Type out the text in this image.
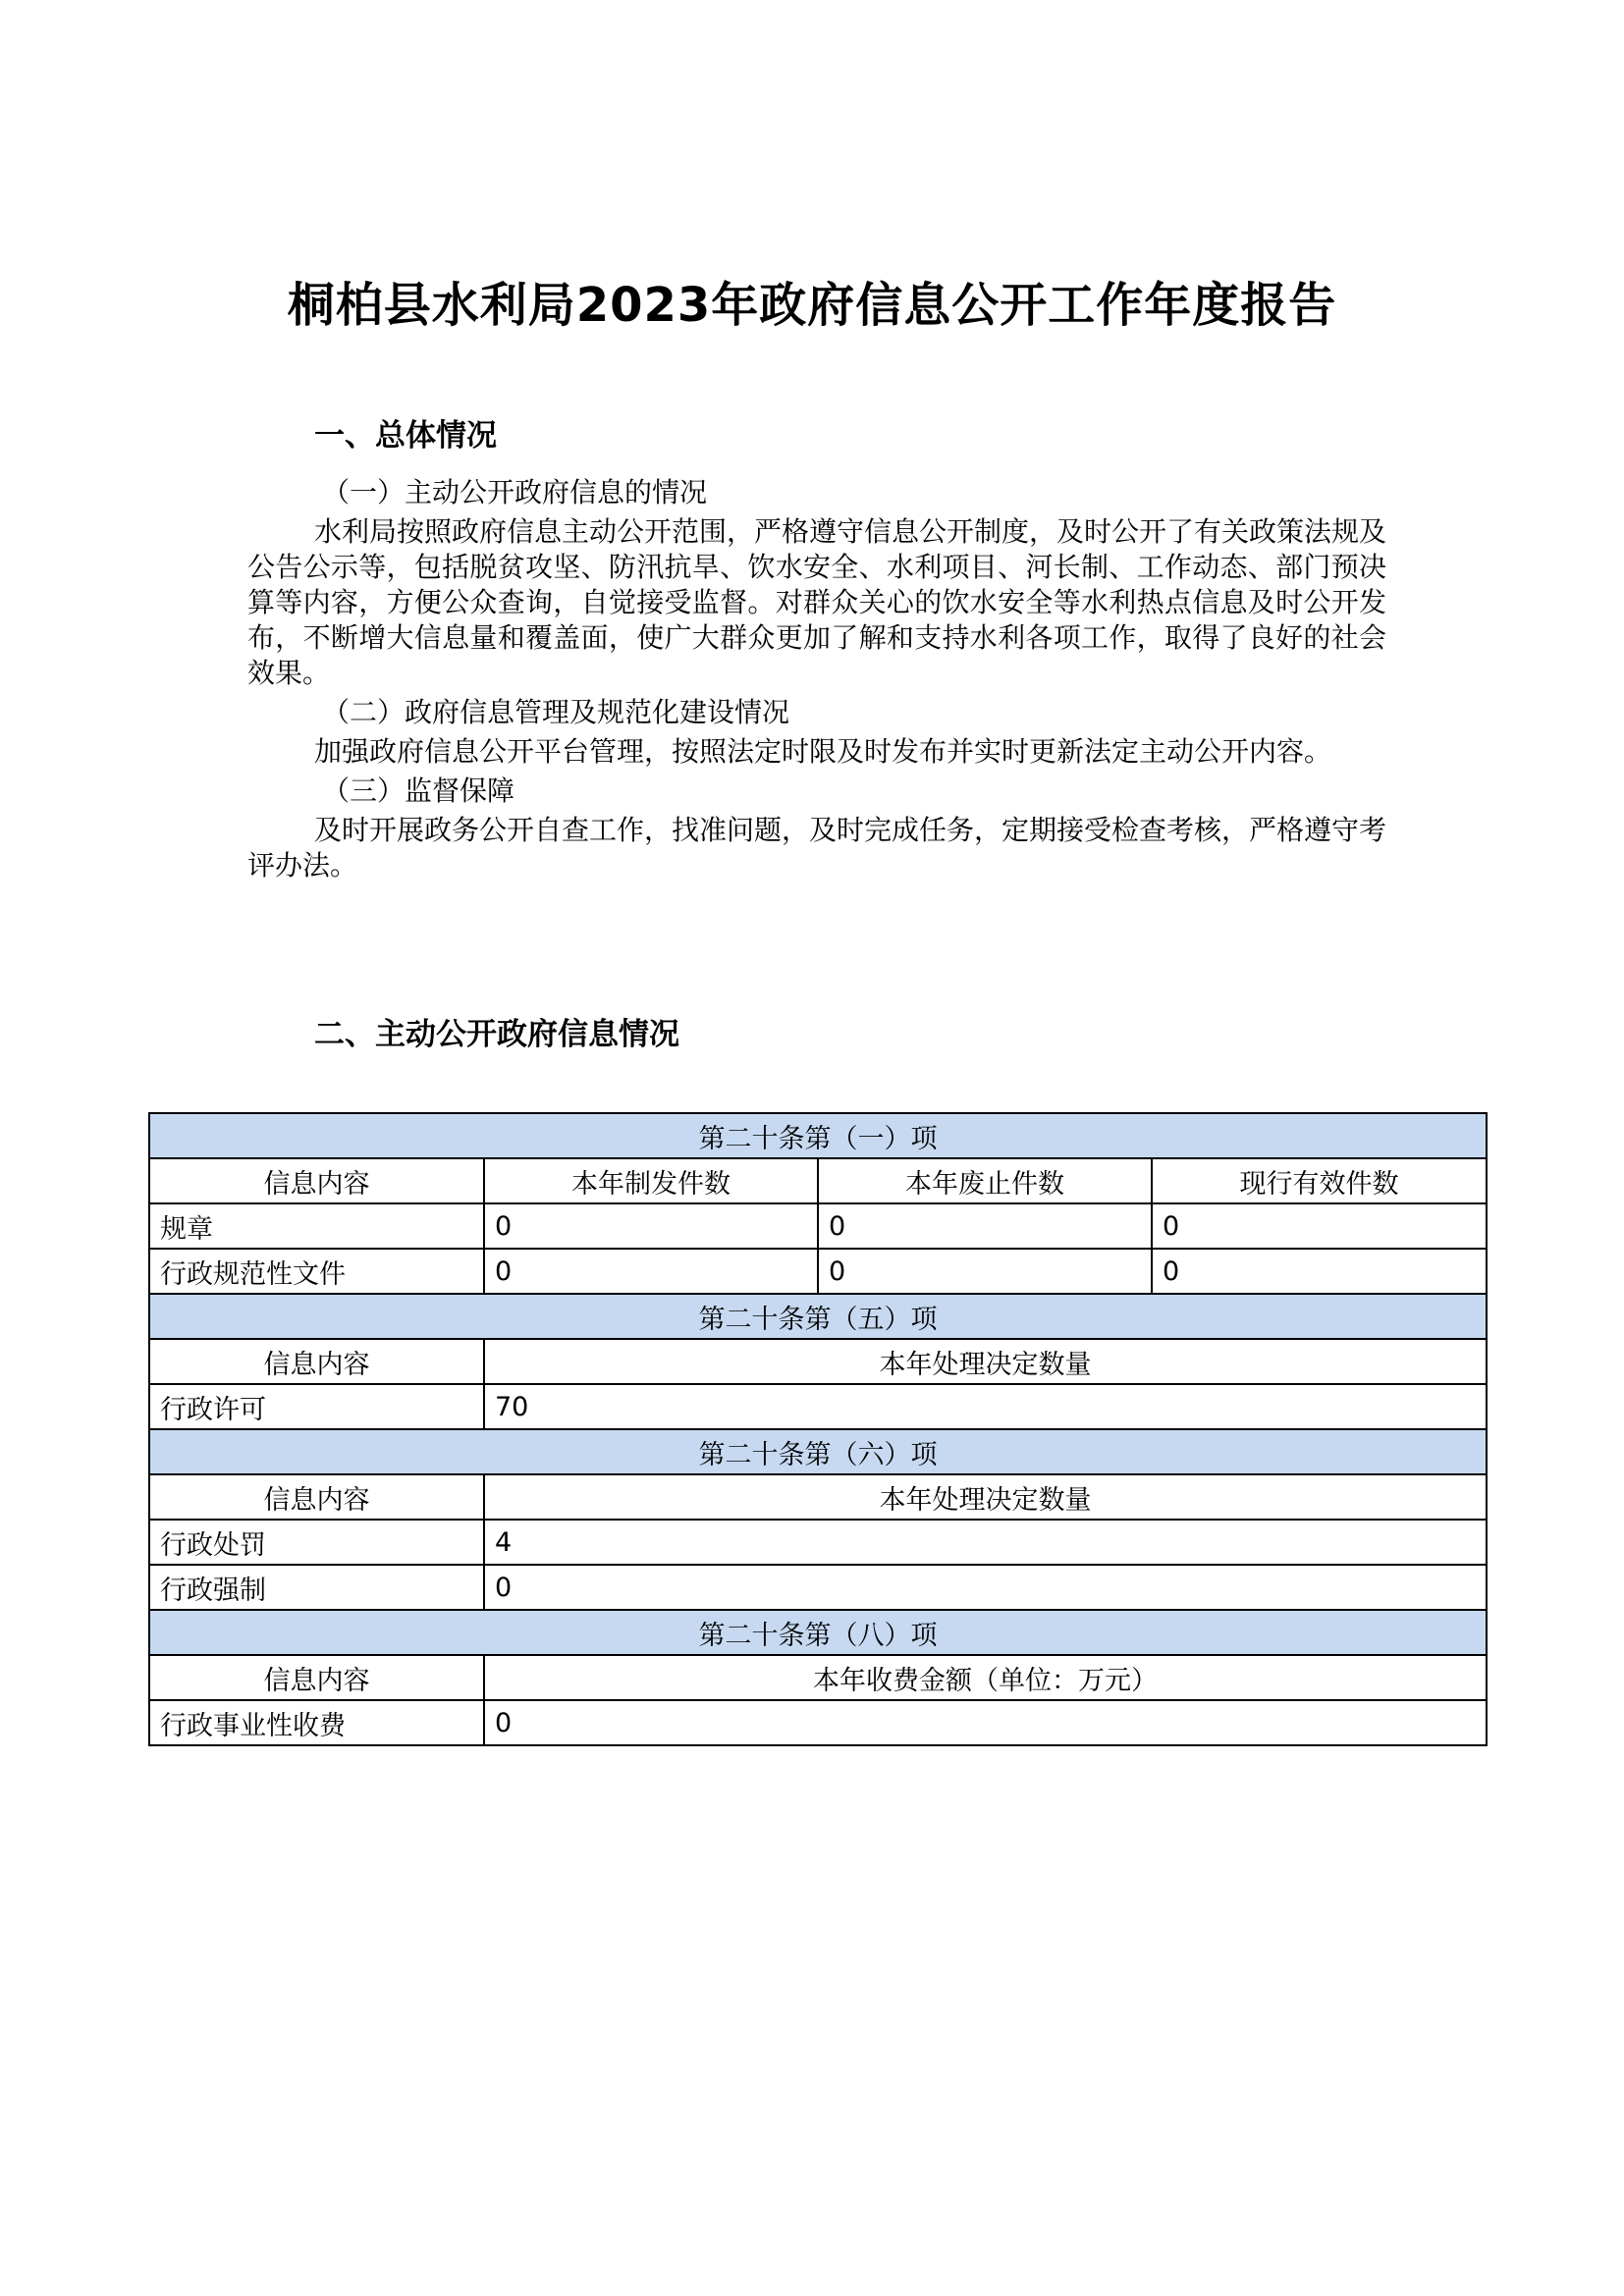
桐柏县水利局2023年政府信息公开工作年度报告
一、总体情况

（一）主动公开政府信息的情况

水利局按照政府信息主动公开范围，严格遵守信息公开制度，及时公开了有关政策法规及公告公示等，包括脱贫攻坚、防汛抗旱、饮水安全、水利项目、河长制、工作动态、部门预决算等内容，方便公众查询，自觉接受监督。对群众关心的饮水安全等水利热点信息及时公开发布，不断增大信息量和覆盖面，使广大群众更加了解和支持水利各项工作，取得了良好的社会效果。

（二）政府信息管理及规范化建设情况

加强政府信息公开平台管理，按照法定时限及时发布并实时更新法定主动公开内容。

（三）监督保障

及时开展政务公开自查工作，找准问题，及时完成任务，定期接受检查考核，严格遵守考评办法。

二、主动公开政府信息情况
第二十条第（一）项			
信息内容	本年制发件数	本年废止件数	现行有效件数
规章	0	0	0
行政规范性文件	0	0	0
第二十条第（五）项			
信息内容	本年处理决定数量		
行政许可	70		
第二十条第（六）项			
信息内容	本年处理决定数量		
行政处罚	4		
行政强制	0		
第二十条第（八）项			
信息内容	本年收费金额（单位：万元）		
行政事业性收费	0		
